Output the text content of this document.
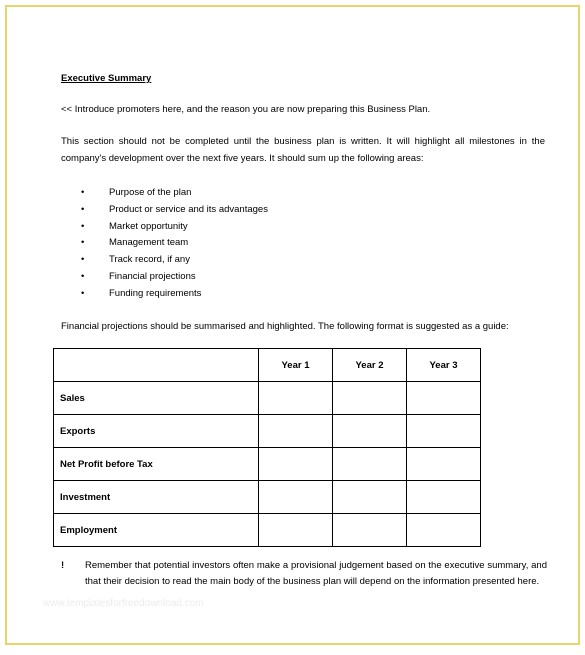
Executive Summary
<< Introduce promoters here, and the reason you are now preparing this Business Plan.
This section should not be completed until the business plan is written. It will highlight all milestones in the company's development over the next five years. It should sum up the following areas:
•	Purpose of the plan
•	Product or service and its advantages
•	Market opportunity
•	Management team
•	Track record, if any
•	Financial projections
•	Funding requirements
Financial projections should be summarised and highlighted. The following format is suggested as a guide:
	Year 1	Year 2	Year 3
Sales			
Exports			
Net Profit before Tax			
Investment			
Employment			
! Remember that potential investors often make a provisional judgement based on the executive summary, and that their decision to read the main body of the business plan will depend on the information presented here.
www.templatesforfreedownload.com
